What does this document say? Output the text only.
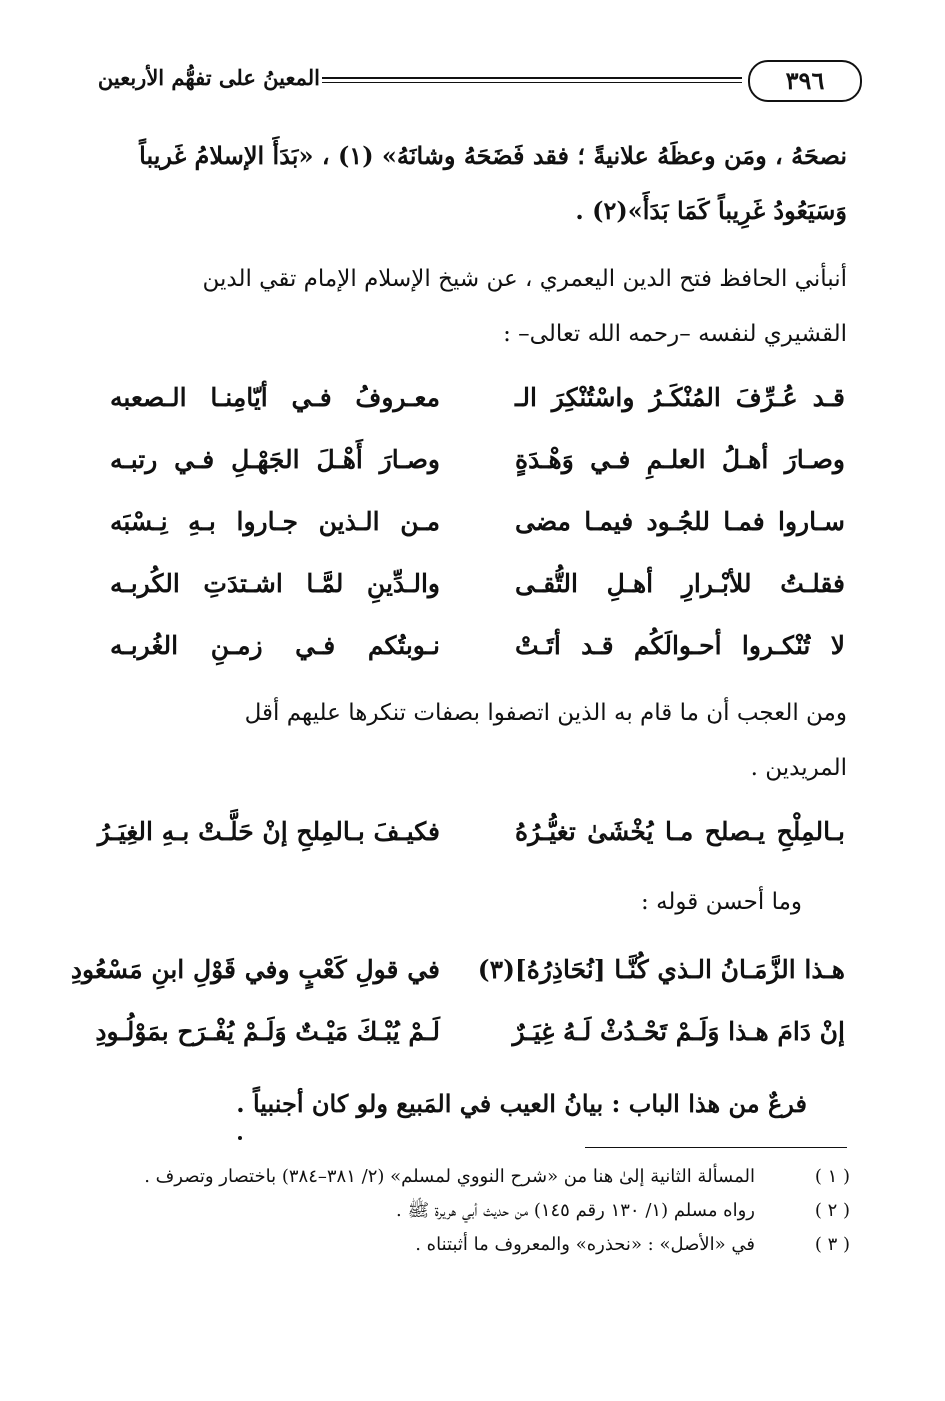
المعينُ على تفهُّم الأربعين	٣٩٦
نصحَهُ ، ومَن وعظَهُ علانيةً ؛ فقد فَضَحَهُ وشانَهُ» (١) ، «بَدَأَ الإسلامُ غَريباً
وَسَيَعُودُ غَرِيباً كَمَا بَدَأَ»(٢) .
أنبأني الحافظ فتح الدين اليعمري ، عن شيخ الإسلام الإمام تقي الدين
القشيري لنفسه –رحمه الله تعالى– :
قـد عُـرِّفَ المُنْكَـرُ واسْتُنْكِرَ الـ
معـروفُ فـي أيّامِنـا الـصعبه
وصـارَ أهـلُ العلـمِ فـي وَهْـدَةٍ
وصـارَ أَهْـلَ الجَهْـلِ فـي رتبـه
سـاروا فمـا للجُـود فيمـا مضى
مـن الـذين جـاروا بـهِ نِـسْبَه
فقلـتُ للأبْـرارِ أهـلِ التُّقـى
والـدِّينِ لمَّـا اشـتدَتِ الكُربـه
لا تُنْكـروا أحـوالَكُم قـد أتَـتْ
نـوبتُكم فـي زمـنِ الغُربـه
ومن العجب أن ما قام به الذين اتصفوا بصفات تنكرها عليهم أقل
المريدين .
بـالمِلْحِ يـصلح مـا يُخْشَىٰ تغيُّـرُهُ
فكيـفَ بـالمِلحِ إنْ حَلَّـتْ بـهِ الغِيَـرُ
وما أحسن قوله :
هـذا الزَّمَـانُ الـذي كُنَّـا [نُحَاذِرُهُ](٣)
في قولِ كَعْبٍ وفي قَوْلِ ابنِ مَسْعُودِ
إنْ دَامَ هـذا وَلَـمْ تَحْـدُثْ لَـهُ غِيَـرٌ
لَـمْ يُبْـكَ مَيْـتٌ وَلَـمْ يُفْـرَح بمَوْلُـودِ
فرعٌ من هذا الباب : بيانُ العيب في المَبيع ولو كان أجنبياً .
( ١ )
المسألة الثانية إلىٰ هنا من «شرح النووي لمسلم» (٢/ ٣٨١–٣٨٤) باختصار وتصرف .
( ٢ )
رواه مسلم (١/ ١٣٠ رقم ١٤٥) من حديث أبي هريرة ﷺ .
( ٣ )
في «الأصل» : «نحذره» والمعروف ما أثبتناه .
